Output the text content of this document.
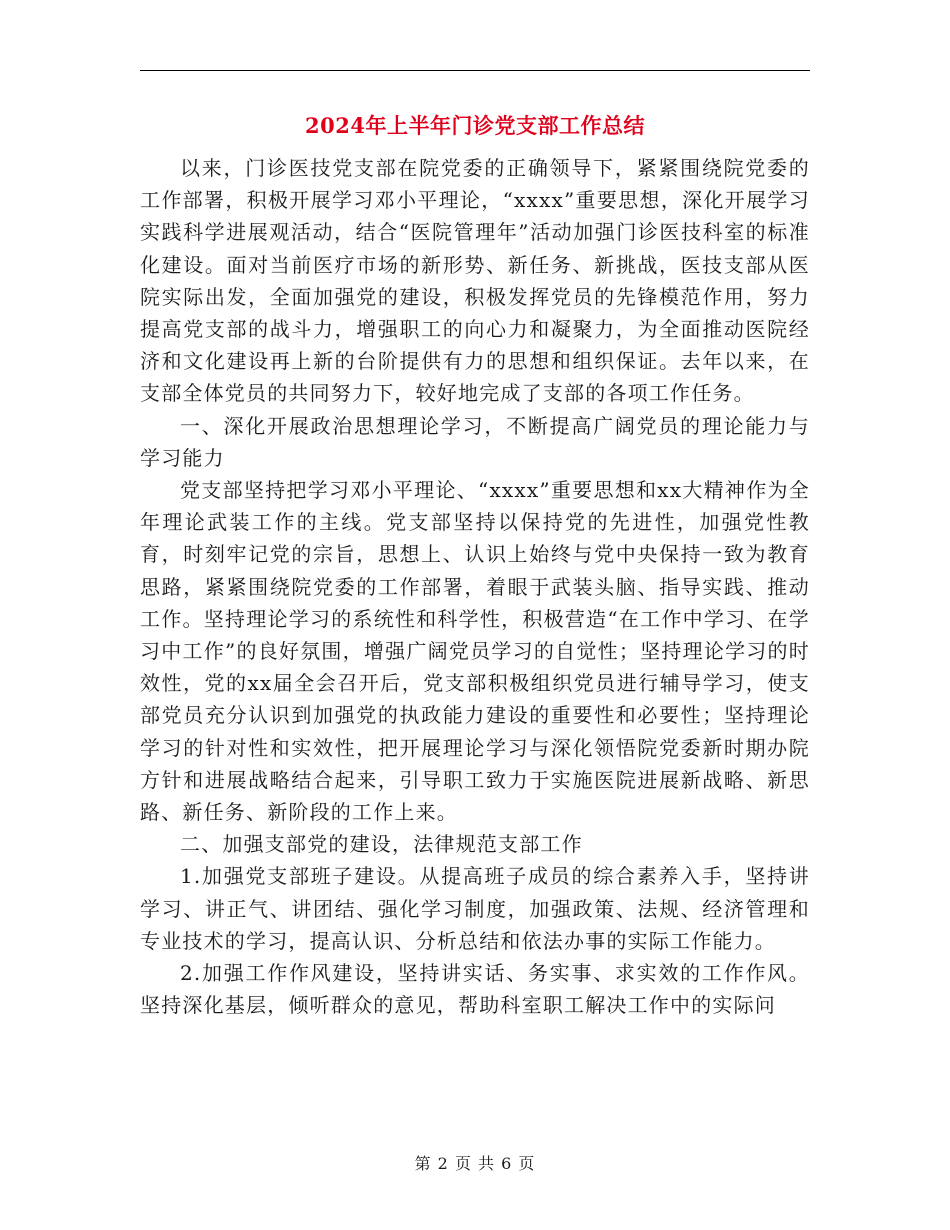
2024年上半年门诊党支部工作总结

以来，门诊医技党支部在院党委的正确领导下，紧紧围绕院党委的工作部署，积极开展学习邓小平理论，“xxxx”重要思想，深化开展学习实践科学进展观活动，结合“医院管理年”活动加强门诊医技科室的标准化建设。面对当前医疗市场的新形势、新任务、新挑战，医技支部从医院实际出发，全面加强党的建设，积极发挥党员的先锋模范作用，努力提高党支部的战斗力，增强职工的向心力和凝聚力，为全面推动医院经济和文化建设再上新的台阶提供有力的思想和组织保证。去年以来，在支部全体党员的共同努力下，较好地完成了支部的各项工作任务。

一、深化开展政治思想理论学习，不断提高广阔党员的理论能力与学习能力

党支部坚持把学习邓小平理论、“xxxx”重要思想和xx大精神作为全年理论武装工作的主线。党支部坚持以保持党的先进性，加强党性教育，时刻牢记党的宗旨，思想上、认识上始终与党中央保持一致为教育思路，紧紧围绕院党委的工作部署，着眼于武装头脑、指导实践、推动工作。坚持理论学习的系统性和科学性，积极营造“在工作中学习、在学习中工作”的良好氛围，增强广阔党员学习的自觉性；坚持理论学习的时效性，党的xx届全会召开后，党支部积极组织党员进行辅导学习，使支部党员充分认识到加强党的执政能力建设的重要性和必要性；坚持理论学习的针对性和实效性，把开展理论学习与深化领悟院党委新时期办院方针和进展战略结合起来，引导职工致力于实施医院进展新战略、新思路、新任务、新阶段的工作上来。

二、加强支部党的建设，法律规范支部工作

1.加强党支部班子建设。从提高班子成员的综合素养入手，坚持讲学习、讲正气、讲团结、强化学习制度，加强政策、法规、经济管理和专业技术的学习，提高认识、分析总结和依法办事的实际工作能力。

2.加强工作作风建设，坚持讲实话、务实事、求实效的工作作风。坚持深化基层，倾听群众的意见，帮助科室职工解决工作中的实际问

第 2 页 共 6 页
